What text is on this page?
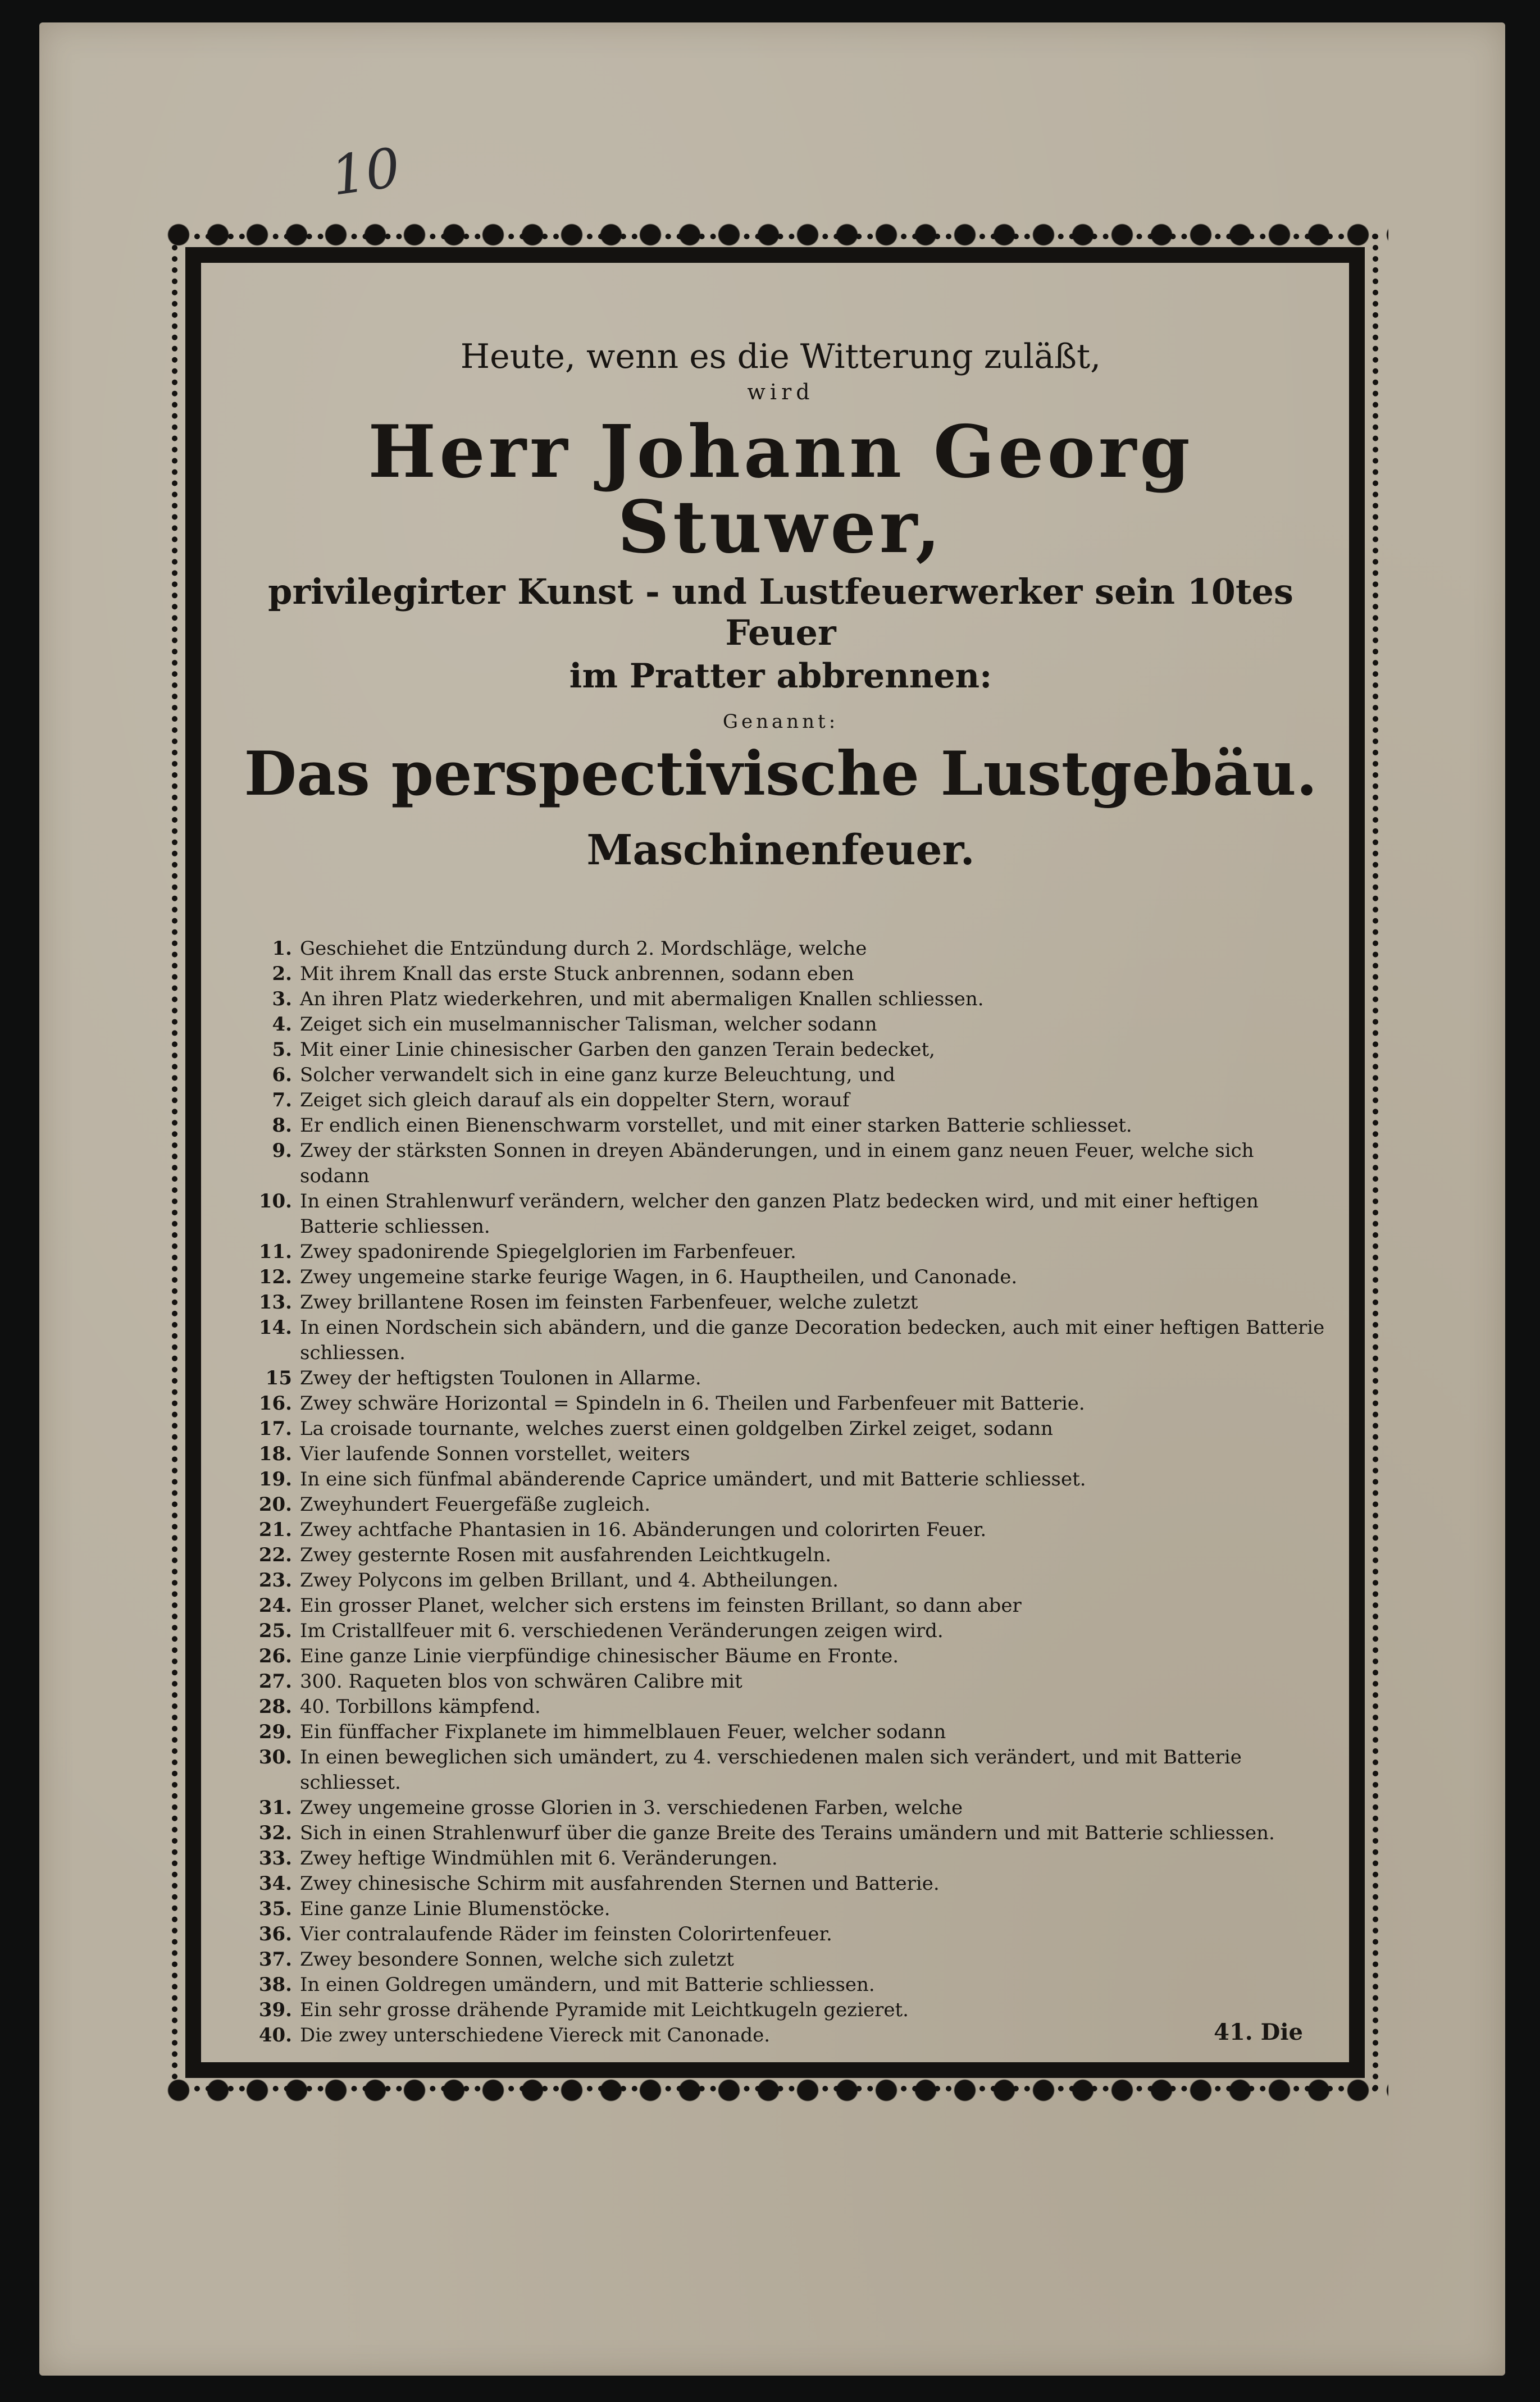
10
Heute, wenn es die Witterung zuläßt,
wird
Herr Johann Georg Stuwer,
privilegirter Kunst - und Lustfeuerwerker sein 10tes Feuer
im Pratter abbrennen:
Genannt:
Das perspectivische Lustgebäu.
Maschinenfeuer.
1. Geschiehet die Entzündung durch 2. Mordschläge, welche
2. Mit ihrem Knall das erste Stuck anbrennen, sodann eben
3. An ihren Platz wiederkehren, und mit abermaligen Knallen schliessen.
4. Zeiget sich ein muselmannischer Talisman, welcher sodann
5. Mit einer Linie chinesischer Garben den ganzen Terain bedecket,
6. Solcher verwandelt sich in eine ganz kurze Beleuchtung, und
7. Zeiget sich gleich darauf als ein doppelter Stern, worauf
8. Er endlich einen Bienenschwarm vorstellet, und mit einer starken Batterie schliesset.
9. Zwey der stärksten Sonnen in dreyen Abänderungen, und in einem ganz neuen Feuer, welche sich sodann
10. In einen Strahlenwurf verändern, welcher den ganzen Platz bedecken wird, und mit einer heftigen Batterie schliessen.
11. Zwey spadonirende Spiegelglorien im Farbenfeuer.
12. Zwey ungemeine starke feurige Wagen, in 6. Hauptheilen, und Canonade.
13. Zwey brillantene Rosen im feinsten Farbenfeuer, welche zuletzt
14. In einen Nordschein sich abändern, und die ganze Decoration bedecken, auch mit einer heftigen Batterie schliessen.
15 Zwey der heftigsten Toulonen in Allarme.
16. Zwey schwäre Horizontal = Spindeln in 6. Theilen und Farbenfeuer mit Batterie.
17. La croisade tournante, welches zuerst einen goldgelben Zirkel zeiget, sodann
18. Vier laufende Sonnen vorstellet, weiters
19. In eine sich fünfmal abänderende Caprice umändert, und mit Batterie schliesset.
20. Zweyhundert Feuergefäße zugleich.
21. Zwey achtfache Phantasien in 16. Abänderungen und colorirten Feuer.
22. Zwey gesternte Rosen mit ausfahrenden Leichtkugeln.
23. Zwey Polycons im gelben Brillant, und 4. Abtheilungen.
24. Ein grosser Planet, welcher sich erstens im feinsten Brillant, so dann aber
25. Im Cristallfeuer mit 6. verschiedenen Veränderungen zeigen wird.
26. Eine ganze Linie vierpfündige chinesischer Bäume en Fronte.
27. 300. Raqueten blos von schwären Calibre mit
28. 40. Torbillons kämpfend.
29. Ein fünffacher Fixplanete im himmelblauen Feuer, welcher sodann
30. In einen beweglichen sich umändert, zu 4. verschiedenen malen sich verändert, und mit Batterie schliesset.
31. Zwey ungemeine grosse Glorien in 3. verschiedenen Farben, welche
32. Sich in einen Strahlenwurf über die ganze Breite des Terains umändern und mit Batterie schliessen.
33. Zwey heftige Windmühlen mit 6. Veränderungen.
34. Zwey chinesische Schirm mit ausfahrenden Sternen und Batterie.
35. Eine ganze Linie Blumenstöcke.
36. Vier contralaufende Räder im feinsten Colorirtenfeuer.
37. Zwey besondere Sonnen, welche sich zuletzt
38. In einen Goldregen umändern, und mit Batterie schliessen.
39. Ein sehr grosse drähende Pyramide mit Leichtkugeln gezieret.
40. Die zwey unterschiedene Viereck mit Canonade.	41. Die
